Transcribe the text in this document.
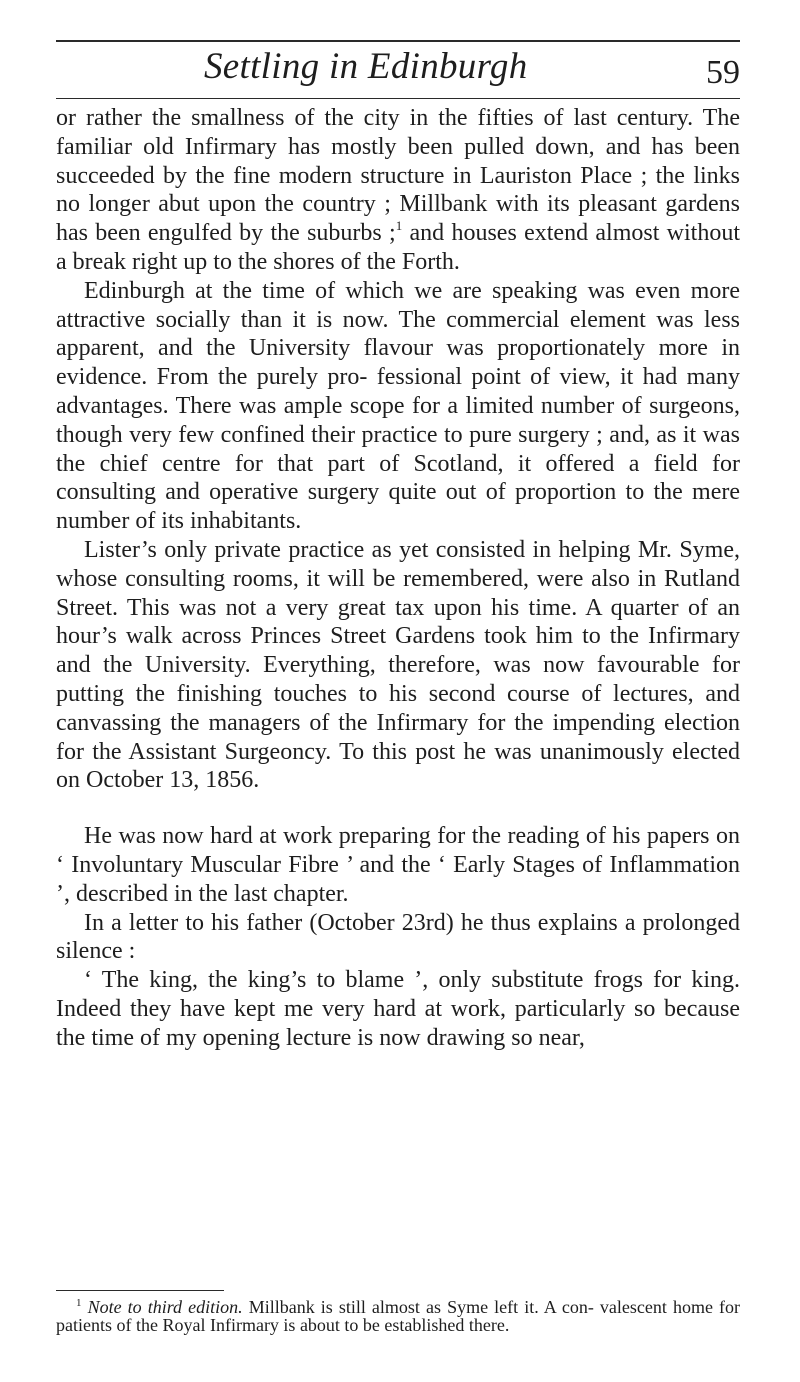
Settling in Edinburgh	59

or rather the smallness of the city in the fifties of last century. The familiar old Infirmary has mostly been pulled down, and has been succeeded by the fine modern structure in Lauriston Place ; the links no longer abut upon the country ; Millbank with its pleasant gardens has been engulfed by the suburbs ;$^1$ and houses extend almost without a break right up to the shores of the Forth.

Edinburgh at the time of which we are speaking was even more attractive socially than it is now. The commercial element was less apparent, and the University flavour was proportionately more in evidence. From the purely pro- fessional point of view, it had many advantages. There was ample scope for a limited number of surgeons, though very few confined their practice to pure surgery ; and, as it was the chief centre for that part of Scotland, it offered a field for consulting and operative surgery quite out of proportion to the mere number of its inhabitants.

Lister’s only private practice as yet consisted in helping Mr. Syme, whose consulting rooms, it will be remembered, were also in Rutland Street. This was not a very great tax upon his time. A quarter of an hour’s walk across Princes Street Gardens took him to the Infirmary and the University. Everything, therefore, was now favourable for putting the finishing touches to his second course of lectures, and canvassing the managers of the Infirmary for the impending election for the Assistant Surgeoncy. To this post he was unanimously elected on October 13, 1856.

He was now hard at work preparing for the reading of his papers on ‘ Involuntary Muscular Fibre ’ and the ‘ Early Stages of Inflammation ’, described in the last chapter.

In a letter to his father (October 23rd) he thus explains a prolonged silence :

‘ The king, the king’s to blame ’, only substitute frogs for king. Indeed they have kept me very hard at work, particularly so because the time of my opening lecture is now drawing so near,

$^1$ Note to third edition. Millbank is still almost as Syme left it. A con- valescent home for patients of the Royal Infirmary is about to be established there.
